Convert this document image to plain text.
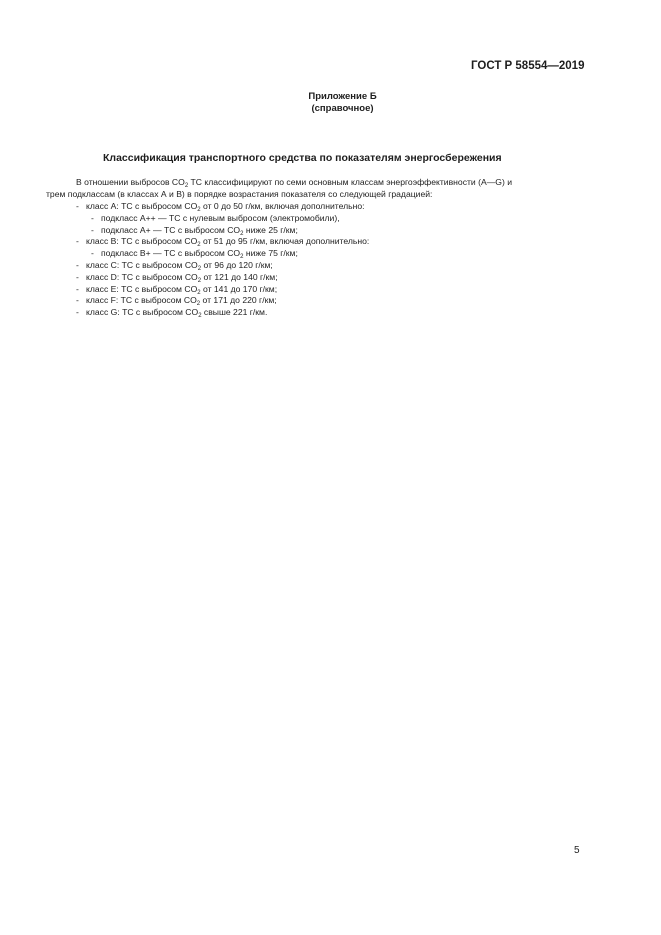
ГОСТ Р 58554—2019
Приложение Б
(справочное)
Классификация транспортного средства по показателям энергосбережения
В отношении выбросов $CO_2$ ТС классифицируют по семи основным классам энергоэффективности (А—G) и
трем подклассам (в классах А и В) в порядке возрастания показателя со следующей градацией:
- класс А: ТС с выбросом $CO_2$ от 0 до 50 г/км, включая дополнительно:
- подкласс А++ — ТС с нулевым выбросом (электромобили),
- подкласс А+ — ТС с выбросом $CO_2$ ниже 25 г/км;
- класс В: ТС с выбросом $CO_2$ от 51 до 95 г/км, включая дополнительно:
- подкласс В+ — ТС с выбросом $CO_2$ ниже 75 г/км;
- класс С: ТС с выбросом $CO_2$ от 96 до 120 г/км;
- класс D: ТС с выбросом $CO_2$ от 121 до 140 г/км;
- класс Е: ТС с выбросом $CO_2$ от 141 до 170 г/км;
- класс F: ТС с выбросом $CO_2$ от 171 до 220 г/км;
- класс G: ТС с выбросом $CO_2$ свыше 221 г/км.
5
